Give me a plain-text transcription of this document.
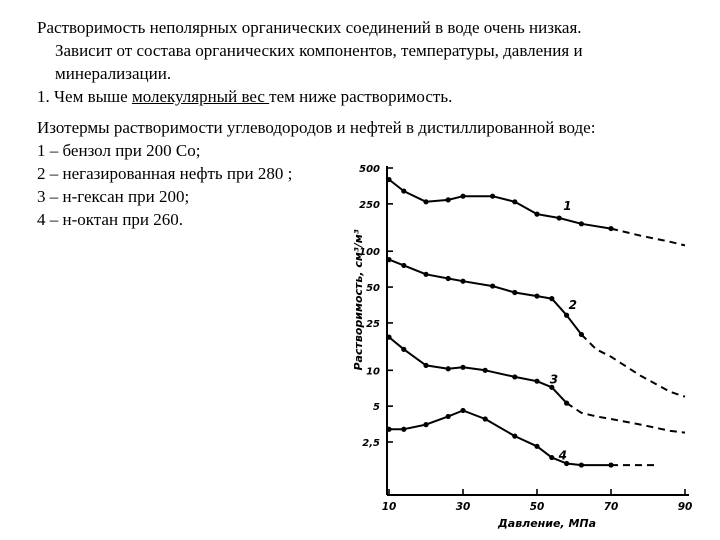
Растворимость неполярных органических соединений в воде очень низкая.
Зависит от состава органических компонентов, температуры, давления и
минерализации.
1. Чем выше молекулярный вес тем ниже растворимость.
Изотермы растворимости углеводородов и нефтей в дистиллированной воде:
1 – бензол при 200 Со;
2 – негазированная нефть при 280 ;
3 – н-гексан при 200;
4 – н-октан при 260.
10	30	50	70	90
500
250
100
50
25
10
5
2,5
Давление, МПа
Растворимость, см³/м³
1
2
3
4
